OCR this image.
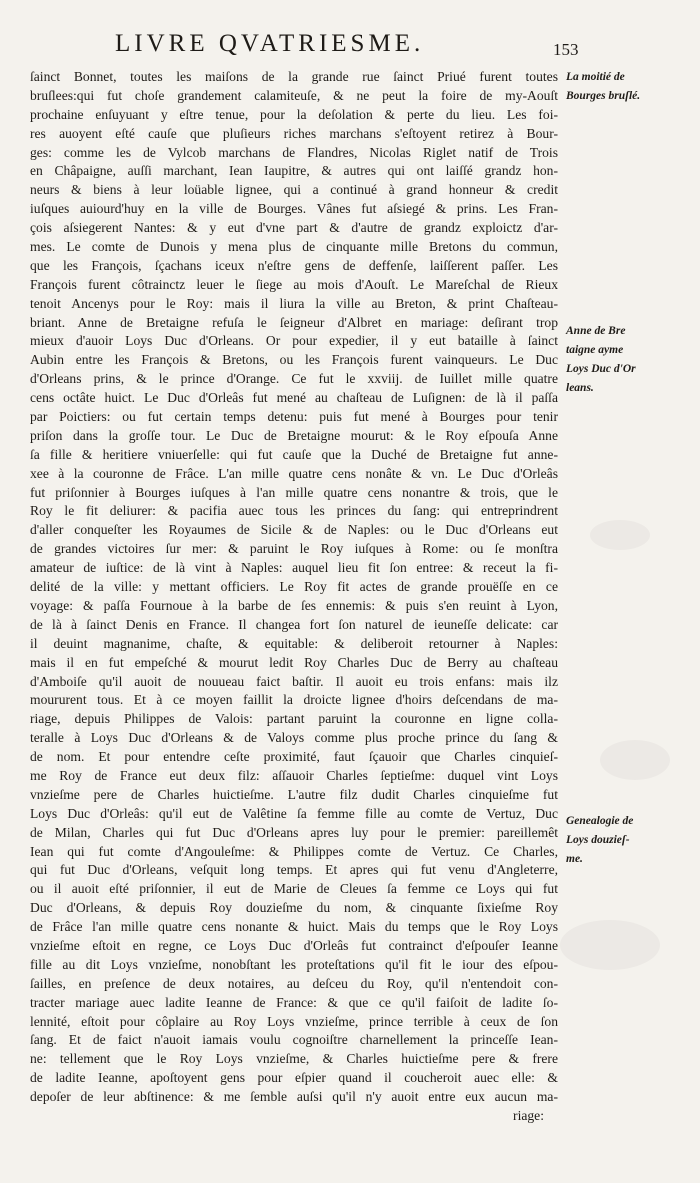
LIVRE QVATRIESME.	153
ſainct Bonnet, toutes les maiſons de la grande rue ſainct Priué furent toutes
bruſlees:qui fut choſe grandement calamiteuſe, & ne peut la foire de my-Aouſt
prochaine enſuyuant y eſtre tenue, pour la deſolation & perte du lieu. Les foi-
res auoyent eſté cauſe que pluſieurs riches marchans s'eſtoyent retirez à Bour-
ges: comme les de Vylcob marchans de Flandres, Nicolas Riglet natif de Trois
en Châpaigne, auſſi marchant, Iean Iaupitre, & autres qui ont laiſſé grandz hon-
neurs & biens à leur loüable lignee, qui a continué à grand honneur & credit
iuſques auiourd'huy en la ville de Bourges. Vânes fut aſsiegé & prins. Les Fran-
çois aſsiegerent Nantes: & y eut d'vne part & d'autre de grandz exploictz d'ar-
mes. Le comte de Dunois y mena plus de cinquante mille Bretons du commun,
que les François, ſçachans iceux n'eſtre gens de deffenſe, laiſſerent paſſer. Les
François furent côtrainctz leuer le ſiege au mois d'Aouſt. Le Mareſchal de Rieux
tenoit Ancenys pour le Roy: mais il liura la ville au Breton, & print Chaſteau-
briant. Anne de Bretaigne refuſa le ſeigneur d'Albret en mariage: deſirant trop
mieux d'auoir Loys Duc d'Orleans. Or pour expedier, il y eut bataille à ſainct
Aubin entre les François & Bretons, ou les François furent vainqueurs. Le Duc
d'Orleans prins, & le prince d'Orange. Ce fut le xxviij. de Iuillet mille quatre
cens octâte huict. Le Duc d'Orleâs fut mené au chaſteau de Luſignen: de là il paſſa
par Poictiers: ou fut certain temps detenu: puis fut mené à Bourges pour tenir
priſon dans la groſſe tour. Le Duc de Bretaigne mourut: & le Roy eſpouſa Anne
ſa fille & heritiere vniuerſelle: qui fut cauſe que la Duché de Bretaigne fut anne-
xee à la couronne de Frâce. L'an mille quatre cens nonâte & vn. Le Duc d'Orleâs
fut priſonnier à Bourges iuſques à l'an mille quatre cens nonantre & trois, que le
Roy le fit deliurer: & pacifia auec tous les princes du ſang: qui entreprindrent
d'aller conqueſter les Royaumes de Sicile & de Naples: ou le Duc d'Orleans eut
de grandes victoires ſur mer: & paruint le Roy iuſques à Rome: ou ſe monſtra
amateur de iuſtice: de là vint à Naples: auquel lieu fit ſon entree: & receut la fi-
delité de la ville: y mettant officiers. Le Roy fit actes de grande prouëſſe en ce
voyage: & paſſa Fournoue à la barbe de ſes ennemis: & puis s'en reuint à Lyon,
de là à ſainct Denis en France. Il changea fort ſon naturel de ieuneſſe delicate: car
il deuint magnanime, chaſte, & equitable: & deliberoit retourner à Naples:
mais il en fut empeſché & mourut ledit Roy Charles Duc de Berry au chaſteau
d'Amboiſe qu'il auoit de nouueau faict baſtir. Il auoit eu trois enfans: mais ilz
moururent tous. Et à ce moyen faillit la droicte lignee d'hoirs deſcendans de ma-
riage, depuis Philippes de Valois: partant paruint la couronne en ligne colla-
teralle à Loys Duc d'Orleans & de Valoys comme plus proche prince du ſang &
de nom. Et pour entendre ceſte proximité, faut ſçauoir que Charles cinquieſ-
me Roy de France eut deux filz: aſſauoir Charles ſeptieſme: duquel vint Loys
vnzieſme pere de Charles huictieſme. L'autre filz dudit Charles cinquieſme fut
Loys Duc d'Orleâs: qu'il eut de Valêtine ſa femme fille au comte de Vertuz, Duc
de Milan, Charles qui fut Duc d'Orleans apres luy pour le premier: pareillemêt
Iean qui fut comte d'Angouleſme: & Philippes comte de Vertuz. Ce Charles,
qui fut Duc d'Orleans, veſquit long temps. Et apres qui fut venu d'Angleterre,
ou il auoit eſté priſonnier, il eut de Marie de Cleues ſa femme ce Loys qui fut
Duc d'Orleans, & depuis Roy douzieſme du nom, & cinquante ſixieſme Roy
de Frâce l'an mille quatre cens nonante & huict. Mais du temps que le Roy Loys
vnzieſme eſtoit en regne, ce Loys Duc d'Orleâs fut contrainct d'eſpouſer Ieanne
fille au dit Loys vnzieſme, nonobſtant les proteſtations qu'il fit le iour des eſpou-
ſailles, en preſence de deux notaires, au deſceu du Roy, qu'il n'entendoit con-
tracter mariage auec ladite Ieanne de France: & que ce qu'il faiſoit de ladite ſo-
lennité, eſtoit pour côplaire au Roy Loys vnzieſme, prince terrible à ceux de ſon
ſang. Et de faict n'auoit iamais voulu cognoiſtre charnellement la princeſſe Iean-
ne: tellement que le Roy Loys vnzieſme, & Charles huictieſme pere & frere
de ladite Ieanne, apoſtoyent gens pour eſpier quand il coucheroit auec elle: &
depoſer de leur abſtinence: & me ſemble auſsi qu'il n'y auoit entre eux aucun ma-
riage:
La moitié de
Bourges bruſlé.
Anne de Bre
taigne ayme
Loys Duc d'Or
leans.
Genealogie de
Loys douzieſ-
me.
